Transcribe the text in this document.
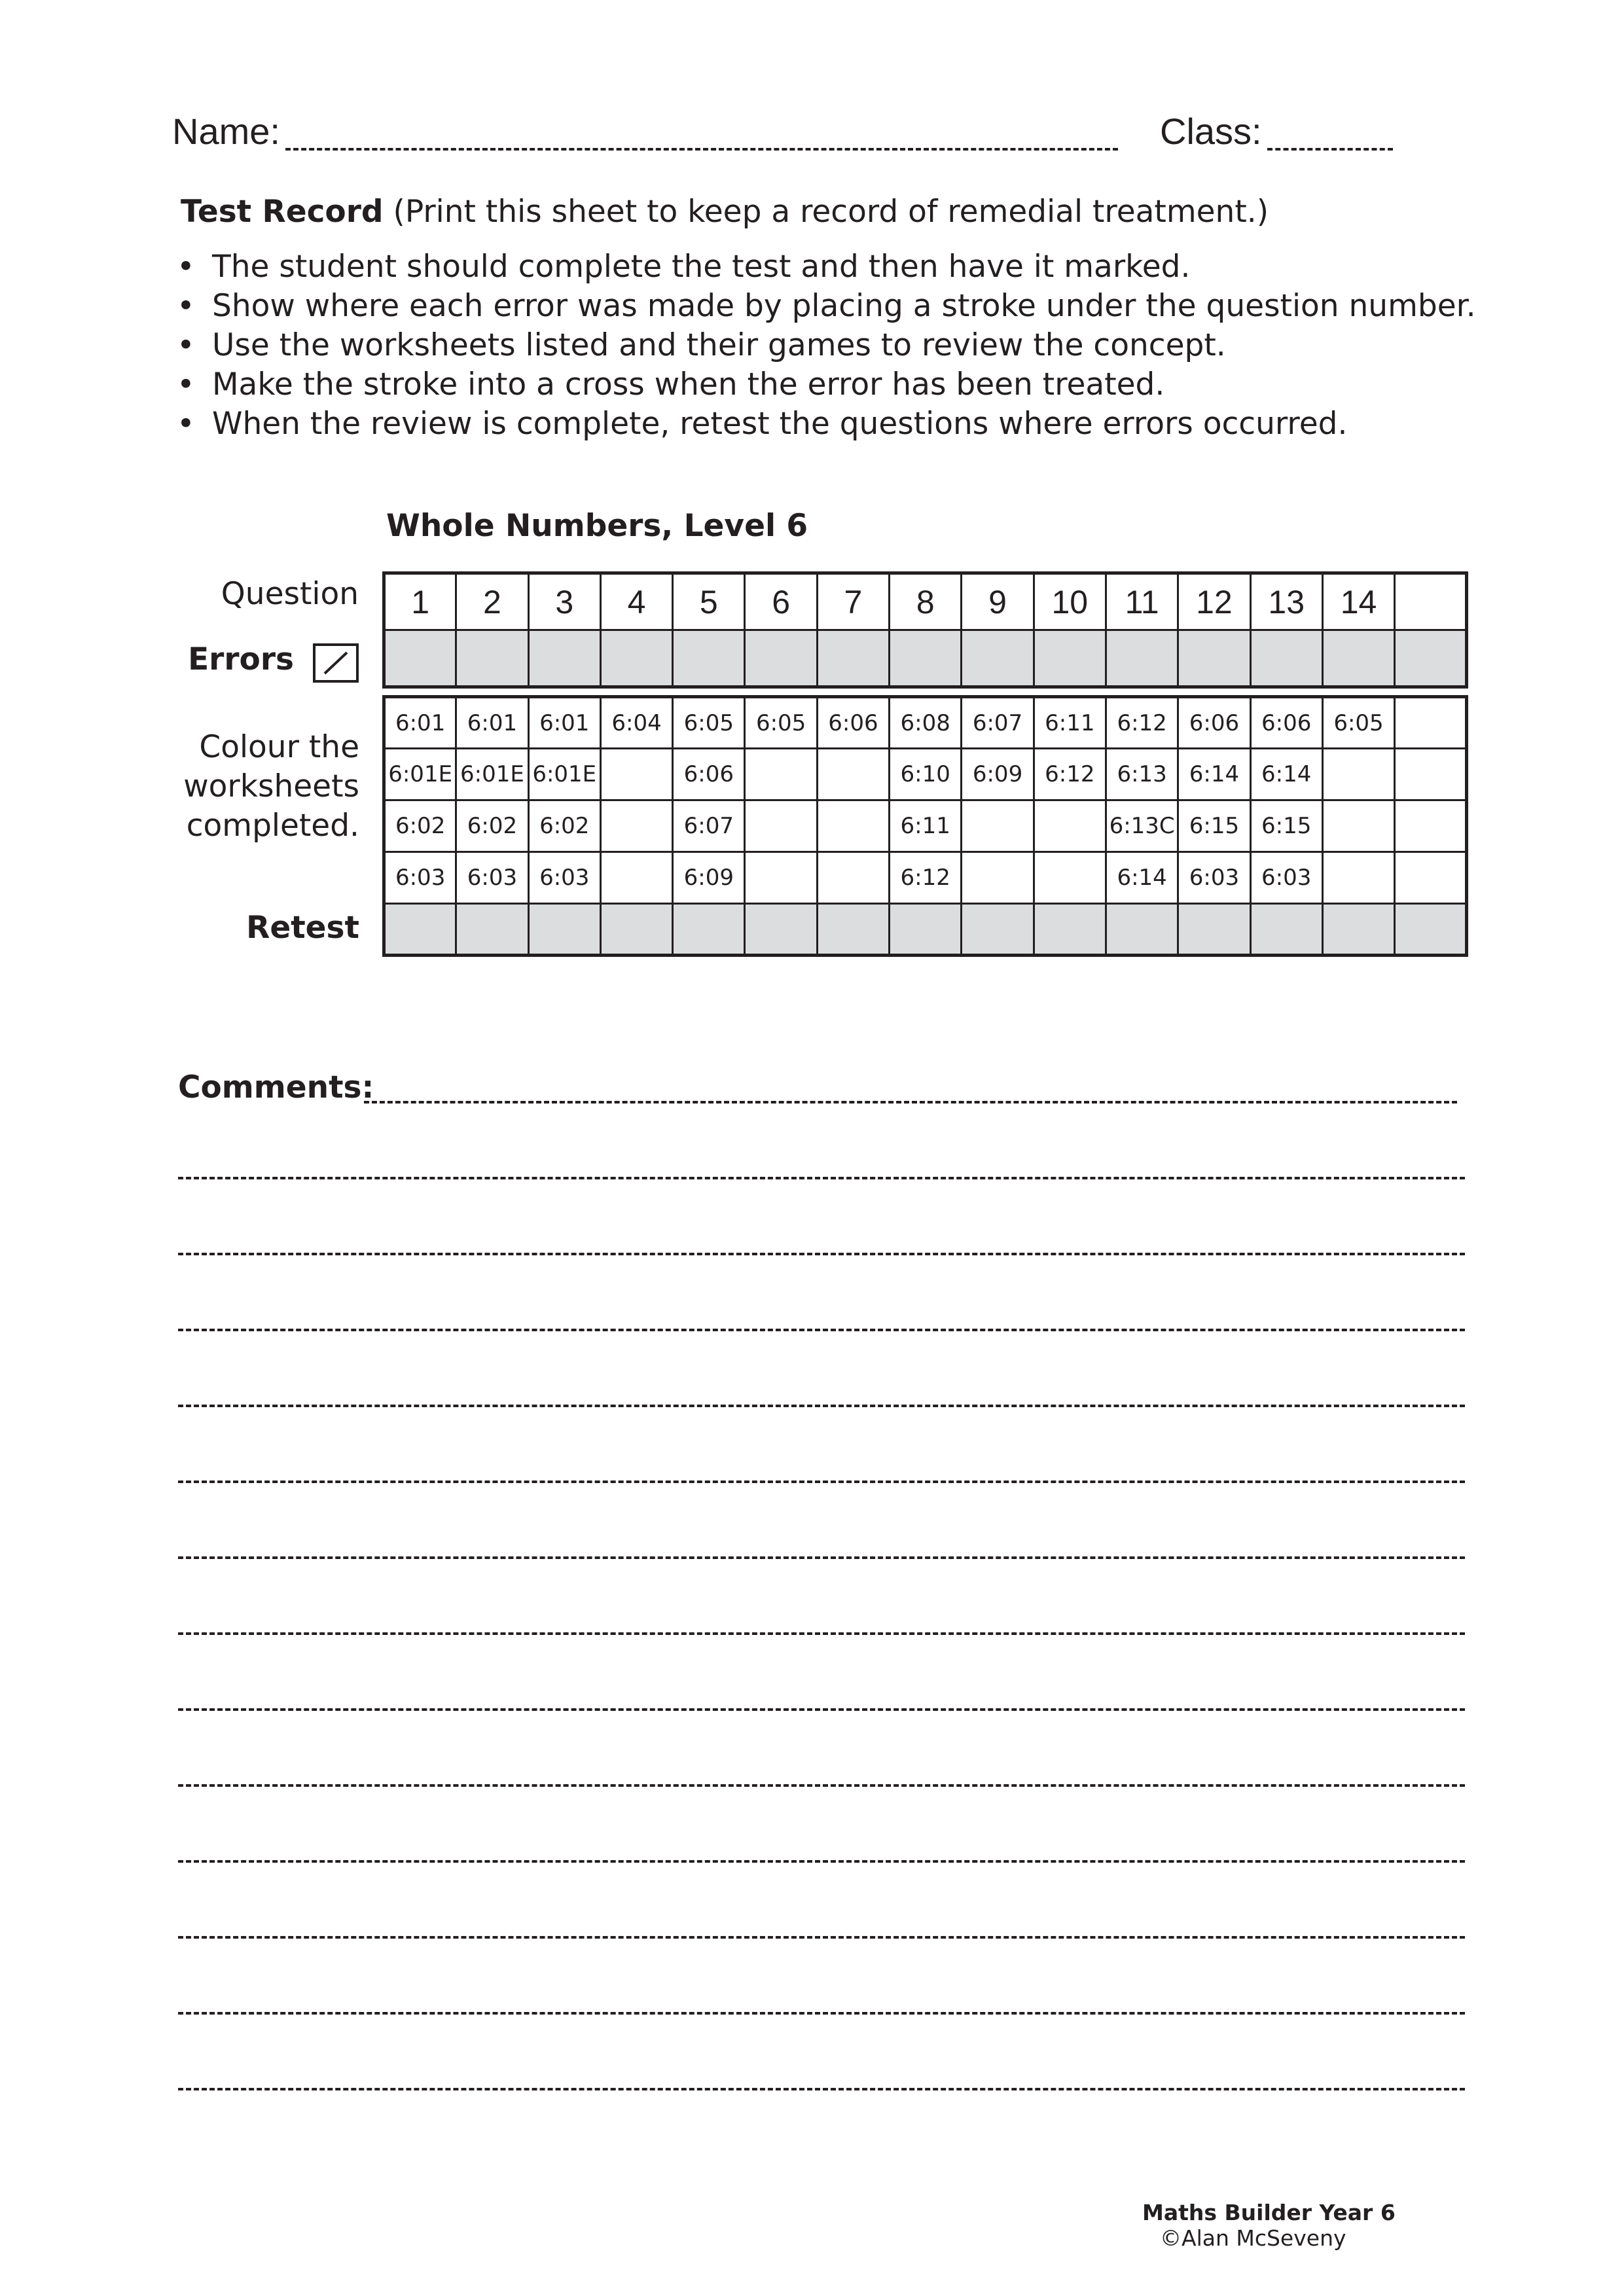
Name:	Class:
Test Record (Print this sheet to keep a record of remedial treatment.)
• The student should complete the test and then have it marked.
• Show where each error was made by placing a stroke under the question number.
• Use the worksheets listed and their games to review the concept.
• Make the stroke into a cross when the error has been treated.
• When the review is complete, retest the questions where errors occurred.
Whole Numbers, Level 6
Question
Errors
Colour the worksheets completed.
Retest
1	2	3	4	5	6	7	8	9	10	11	12	13	14	

6:01	6:01	6:01	6:04	6:05	6:05	6:06	6:08	6:07	6:11	6:12	6:06	6:06	6:05	
6:01E	6:01E	6:01E		6:06			6:10	6:09	6:12	6:13	6:14	6:14		
6:02	6:02	6:02		6:07			6:11			6:13C	6:15	6:15		
6:03	6:03	6:03		6:09			6:12			6:14	6:03	6:03		

Comments:
Maths Builder Year 6
©Alan McSeveny
